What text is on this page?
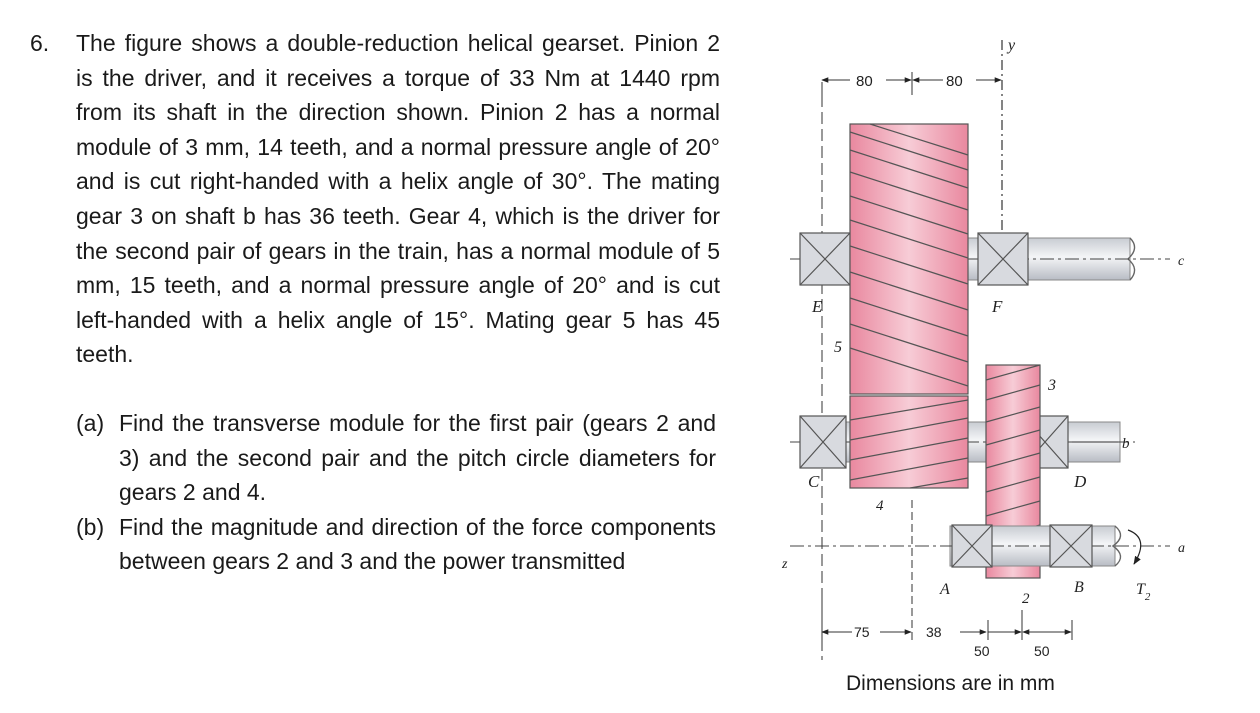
6. The figure shows a double-reduction helical gearset. Pinion 2 is the driver, and it receives a torque of 33 Nm at 1440 rpm from its shaft in the direction shown. Pinion 2 has a normal module of 3 mm, 14 teeth, and a normal pressure angle of 20° and is cut right-handed with a helix angle of 30°. The mating gear 3 on shaft b has 36 teeth. Gear 4, which is the driver for the second pair of gears in the train, has a normal module of 5 mm, 15 teeth, and a normal pressure angle of 20° and is cut left-handed with a helix angle of 15°. Mating gear 5 has 45 teeth.
(a) Find the transverse module for the first pair (gears 2 and 3) and the second pair and the pitch circle diameters for gears 2 and 4.
(b) Find the magnitude and direction of the force components between gears 2 and 3 and the power transmitted
y
80	80
c
E	F
b
C	D
5
4
3
a
z
A	B
2
$T_2$
75	38
50	50
Dimensions are in mm
